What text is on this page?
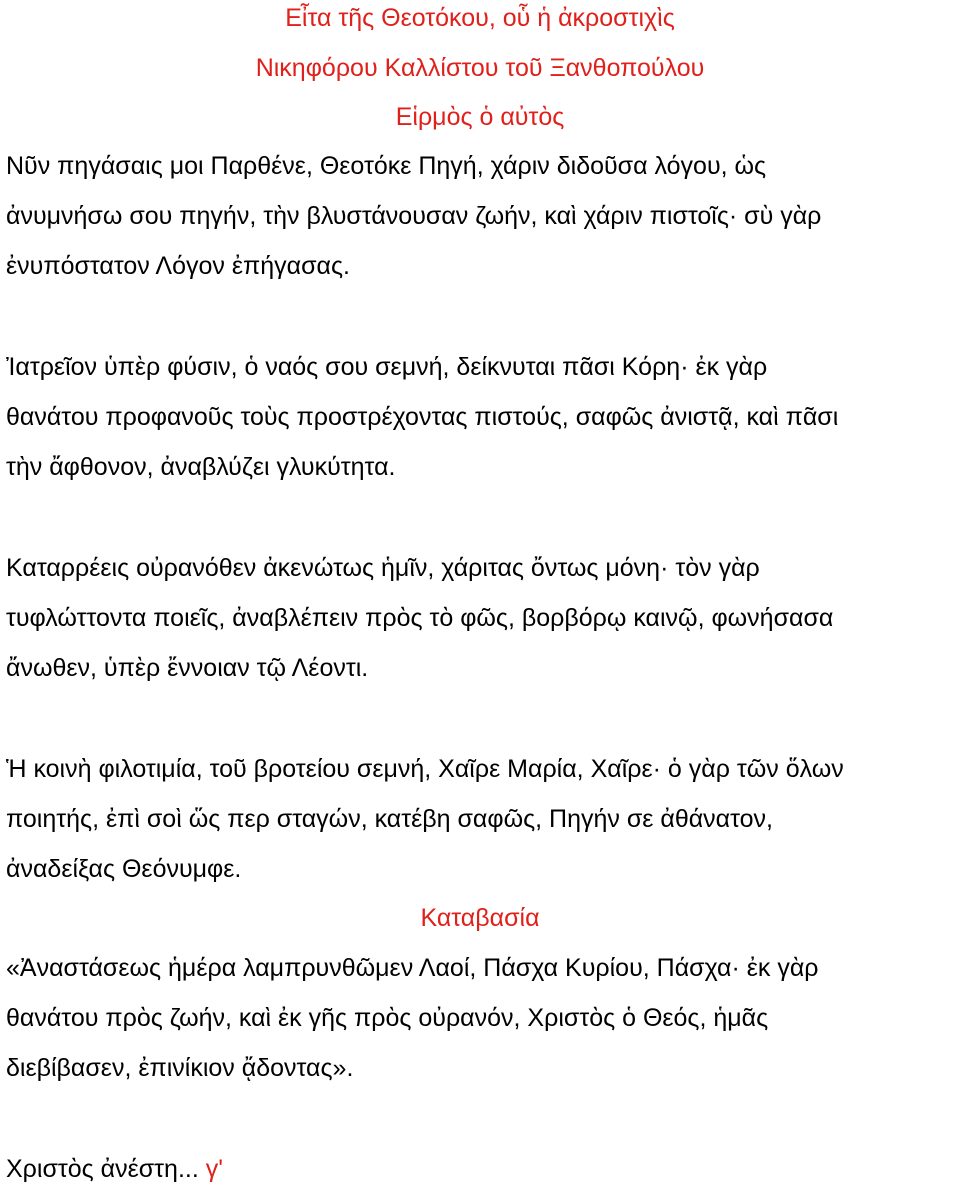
Εἶτα τῆς Θεοτόκου, οὗ ἡ ἀκροστιχὶς
Νικηφόρου Καλλίστου τοῦ Ξανθοπούλου
Εἱρμὸς ὁ αὐτὸς
Νῦν πηγάσαις μοι Παρθένε, Θεοτόκε Πηγή, χάριν διδοῦσα λόγου, ὡς
ἀνυμνήσω σου πηγήν, τὴν βλυστάνουσαν ζωήν, καὶ χάριν πιστοῖς· σὺ γὰρ
ἐνυπόστατον Λόγον ἐπήγασας.
Ἰατρεῖον ὑπὲρ φύσιν, ὁ ναός σου σεμνή, δείκνυται πᾶσι Κόρη· ἐκ γὰρ
θανάτου προφανοῦς τοὺς προστρέχοντας πιστούς, σαφῶς ἀνιστᾷ, καὶ πᾶσι
τὴν ἄφθονον, ἀναβλύζει γλυκύτητα.
Καταρρέεις οὐρανόθεν ἀκενώτως ἡμῖν, χάριτας ὄντως μόνη· τὸν γὰρ
τυφλώττοντα ποιεῖς, ἀναβλέπειν πρὸς τὸ φῶς, βορβόρῳ καινῷ, φωνήσασα
ἄνωθεν, ὑπὲρ ἔννοιαν τῷ Λέοντι.
Ἡ κοινὴ φιλοτιμία, τοῦ βροτείου σεμνή, Χαῖρε Μαρία, Χαῖρε· ὁ γὰρ τῶν ὅλων
ποιητής, ἐπὶ σοὶ ὥς περ σταγών, κατέβη σαφῶς, Πηγήν σε ἀθάνατον,
ἀναδείξας Θεόνυμφε.
Καταβασία
«Ἀναστάσεως ἡμέρα λαμπρυνθῶμεν Λαοί, Πάσχα Κυρίου, Πάσχα· ἐκ γὰρ
θανάτου πρὸς ζωήν, καὶ ἐκ γῆς πρὸς οὐρανόν, Χριστὸς ὁ Θεός, ἡμᾶς
διεβίβασεν, ἐπινίκιον ᾄδοντας».
Χριστὸς ἀνέστη... γ'
